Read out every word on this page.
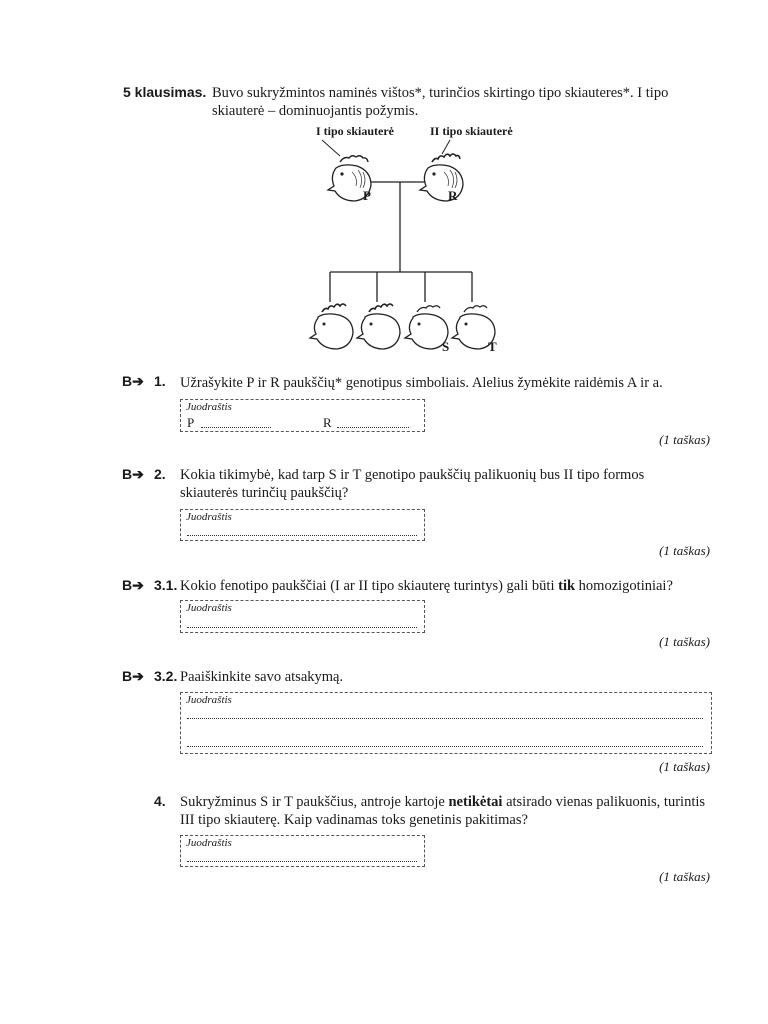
5 klausimas. Buvo sukryžmintos naminės vištos*, turinčios skirtingo tipo skiauteres*. I tipo
skiauterė – dominuojantis požymis.
I tipo skiauterė	II tipo skiauterė
P	R
S	T
B➔ 1. Užrašykite P ir R paukščių* genotipus simboliais. Alelius žymėkite raidėmis A ir a.
Juodraštis
P	R
(1 taškas)
B➔ 2. Kokia tikimybė, kad tarp S ir T genotipo paukščių palikuonių bus II tipo formos
skiauterės turinčių paukščių?
Juodraštis
(1 taškas)
B➔ 3.1. Kokio fenotipo paukščiai (I ar II tipo skiauterę turintys) gali būti tik homozigotiniai?
Juodraštis
(1 taškas)
B➔ 3.2. Paaiškinkite savo atsakymą.
Juodraštis
(1 taškas)
4. Sukryžminus S ir T paukščius, antroje kartoje netikėtai atsirado vienas palikuonis, turintis
III tipo skiauterę. Kaip vadinamas toks genetinis pakitimas?
Juodraštis
(1 taškas)
